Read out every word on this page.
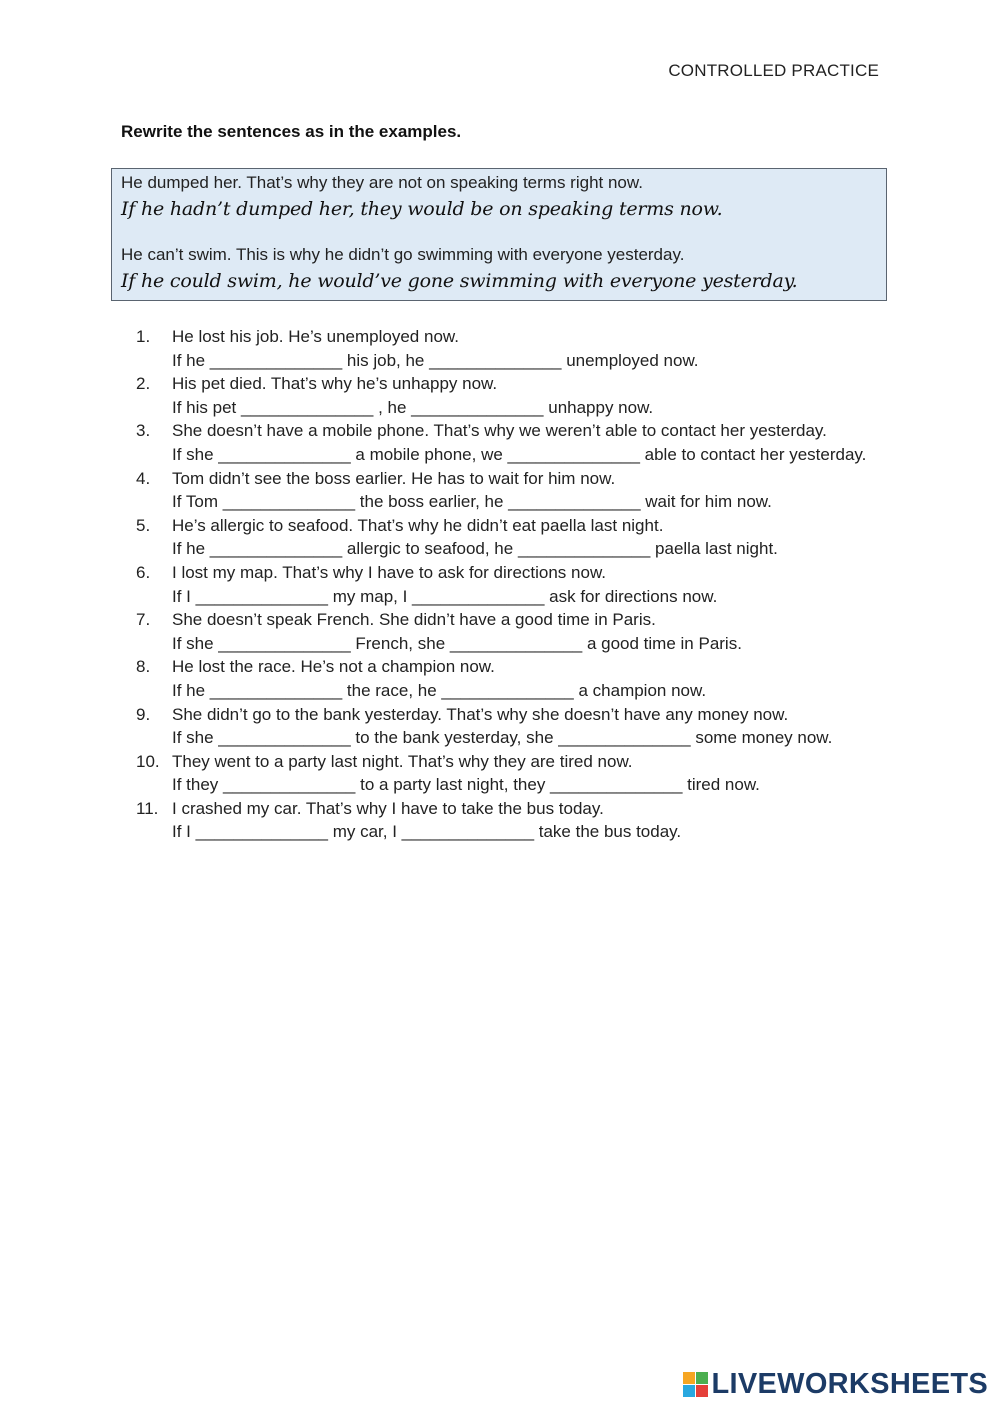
CONTROLLED PRACTICE
Rewrite the sentences as in the examples.
He dumped her. That’s why they are not on speaking terms right now.
If he hadn’t dumped her, they would be on speaking terms now.
He can’t swim. This is why he didn’t go swimming with everyone yesterday.
If he could swim, he would’ve gone swimming with everyone yesterday.
1.	He lost his job. He’s unemployed now.
If he ______________ his job, he ______________ unemployed now.
2.	His pet died. That’s why he’s unhappy now.
If his pet ______________ , he ______________ unhappy now.
3.	She doesn’t have a mobile phone. That’s why we weren’t able to contact her yesterday.
If she ______________ a mobile phone, we ______________ able to contact her yesterday.
4.	Tom didn’t see the boss earlier. He has to wait for him now.
If Tom ______________ the boss earlier, he ______________ wait for him now.
5.	He’s allergic to seafood. That’s why he didn’t eat paella last night.
If he ______________ allergic to seafood, he ______________ paella last night.
6.	I lost my map. That’s why I have to ask for directions now.
If I ______________ my map, I ______________ ask for directions now.
7.	She doesn’t speak French. She didn’t have a good time in Paris.
If she ______________ French, she ______________ a good time in Paris.
8.	He lost the race. He’s not a champion now.
If he ______________ the race, he ______________ a champion now.
9.	She didn’t go to the bank yesterday. That’s why she doesn’t have any money now.
If she ______________ to the bank yesterday, she ______________ some money now.
10. They went to a party last night. That’s why they are tired now.
If they ______________ to a party last night, they ______________ tired now.
11. I crashed my car. That’s why I have to take the bus today.
If I ______________ my car, I ______________ take the bus today.
LIVEWORKSHEETS
